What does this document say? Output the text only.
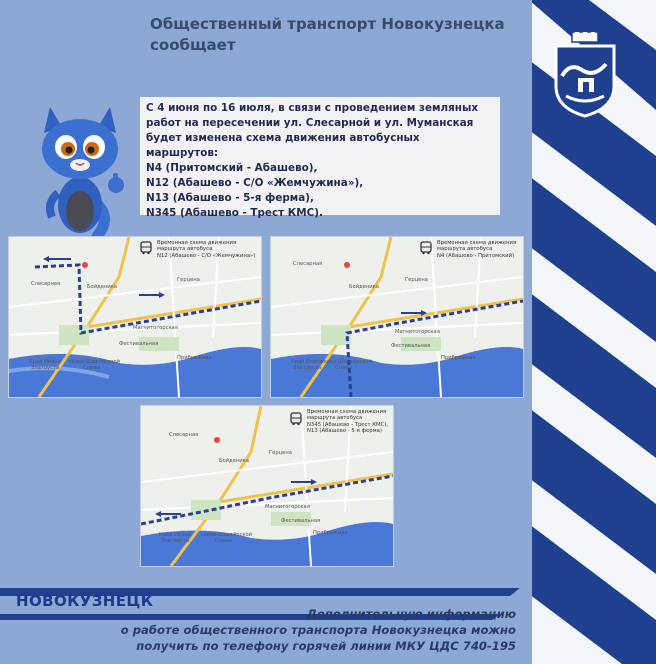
Общественный транспорт Новокузнецка сообщает

С 4 июня по 16 июля, в связи с проведением земляных

работ на пересечении ул. Слесарной и ул. Муманская

будет изменена схема движения автобусных маршрутов:

N4 (Притомский - Абашево),

N12 (Абашево - С/О «Жемчужина»),

N13 (Абашево - 5-я ферма),

N345 (Абашево - Трест КМС).

Временная схема движения
маршрута автобуса
N12 (Абашево - С/О «Жемчужина»)
Слесарная	Бойденика
Герцена
Магнитогорская
Фестивальная
Прибрежная
Край Ивана
Златоуста
сквер Шахтёрской
Славы
Временная схема движения
маршрута автобуса
N4 (Абашево - Притомский)
Слесарная
Бойденика
Герцена
Магнитогорская
Фестивальная
Прибрежная
Край Ивана
Златоуста
сквер Шахтёрской
Славы
Временная схема движения
маршрута автобуса
N345 (Абашево - Трест КМС),
N13 (Абашево - 5-я ферма)
Слесарная
Бойденика
Герцена
Магнитогорская
Фестивальная
Прибрежная
Край Ивана
Златоуста
сквер Шахтёрской
Славы
НОВОКУЗНЕЦК
Дополнительную информацию
о работе общественного транспорта Новокузнецка можно
получить по телефону горячей линии МКУ ЦДС 740-195
